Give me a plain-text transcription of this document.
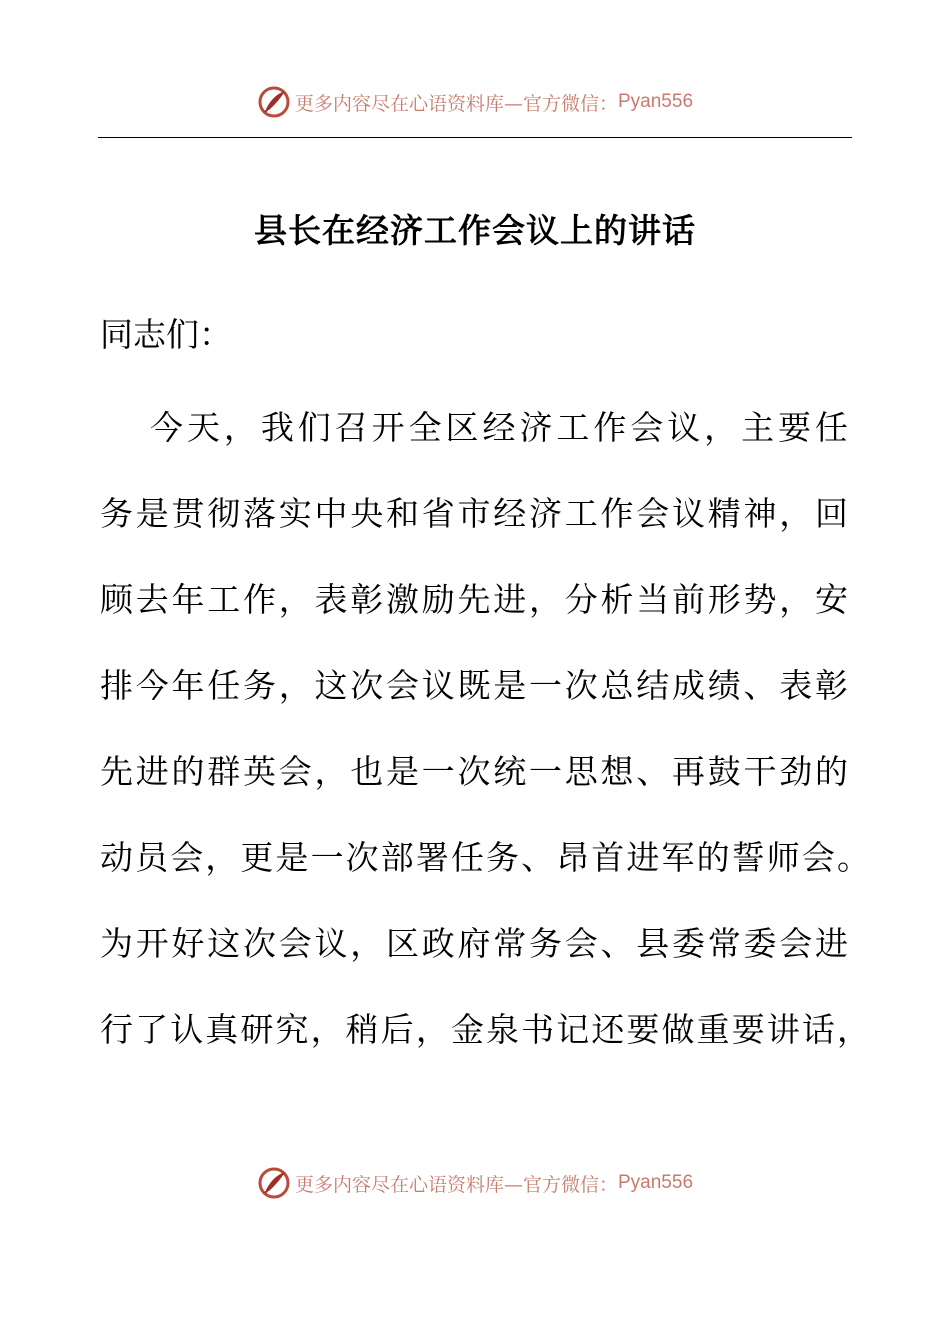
更多内容尽在心语资料库—官方微信： Pyan556
县长在经济工作会议上的讲话
同志们：
今天，我们召开全区经济工作会议，主要任
务是贯彻落实中央和省市经济工作会议精神，回
顾去年工作，表彰激励先进，分析当前形势，安
排今年任务，这次会议既是一次总结成绩、表彰
先进的群英会，也是一次统一思想、再鼓干劲的
动员会，更是一次部署任务、昂首进军的誓师会。
为开好这次会议，区政府常务会、县委常委会进
行了认真研究，稍后，金泉书记还要做重要讲话，
更多内容尽在心语资料库—官方微信： Pyan556
